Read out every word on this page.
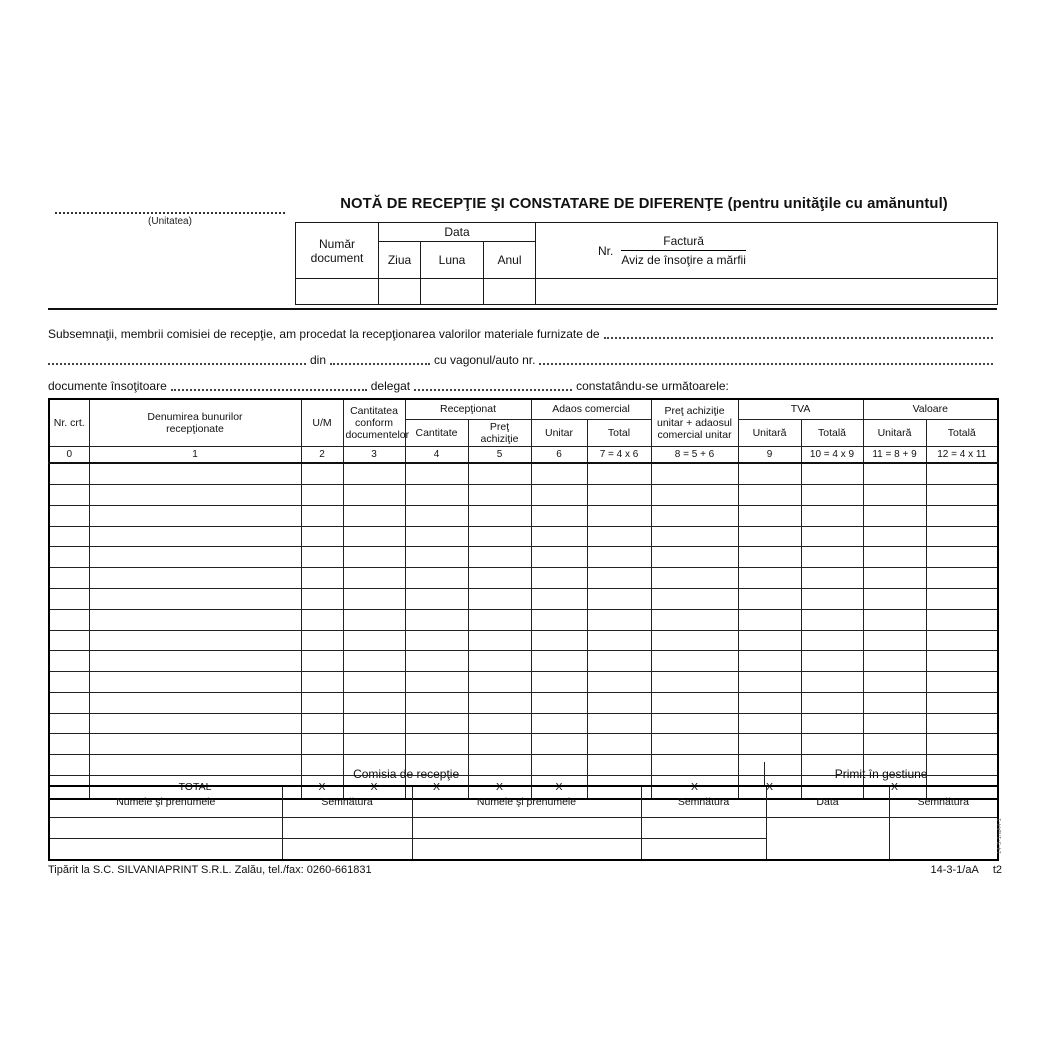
(Unitatea)
NOTĂ DE RECEPŢIE ŞI CONSTATARE DE DIFERENŢE (pentru unităţile cu amănuntul)
Număr document	Data			Nr. $\frac{\text{Factură}}{\text{Aviz de însoţire a mărfii}}$

	Ziua	Luna	Anul	

Subsemnaţii, membrii comisiei de recepţie, am procedat la recepţionarea valorilor materiale furnizate de
din	cu vagonul/auto nr.
documente însoţitoare	delegat	constatându-se următoarele:
Nr. crt.	Denumirea bunurilor recepţionate	U/M	Cantitatea conform documentelor	Recepţionat		Adaos comercial		Preţ achiziţie unitar + adaosul comercial unitar	TVA		Valoare	
				Cantitate	Preţ achiziţie	Unitar	Total		Unitară	Totală	Unitară	Totală
0	1	2	3	4	5	6	7 = 4 x 6	8 = 5 + 6	9	10 = 4 x 9	11 = 8 + 9	12 = 4 x 11

	TOTAL	X	X	X	X	X		X	X		X	
Comisia de recepţie	Primit în gestiune
Numele şi prenumele	Semnătura	Numele şi prenumele	Semnătura	Data	Semnătura

Tipărit la S.C. SILVANIAPRINT S.R.L. Zalău, tel./fax: 0260-661831	14-3-1/aA t2
14-3-1/aA4-1
